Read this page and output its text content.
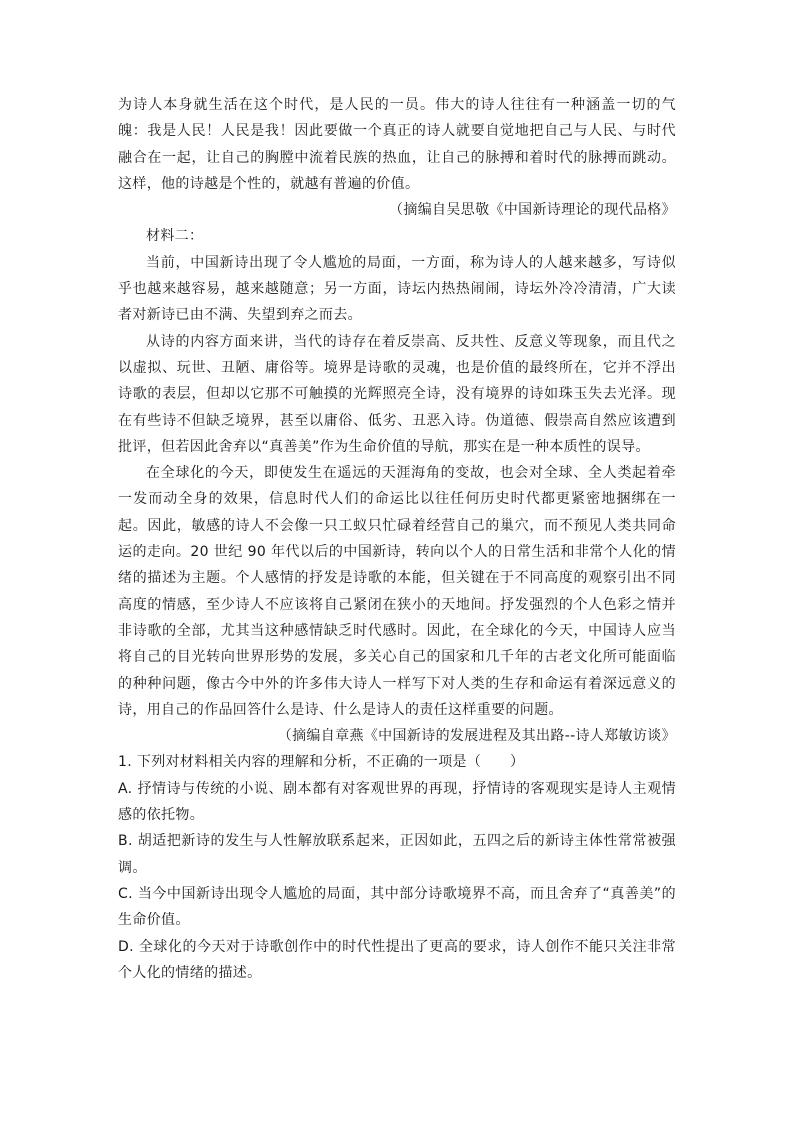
为诗人本身就生活在这个时代，是人民的一员。伟大的诗人往往有一种涵盖一切的气魄：我是人民！人民是我！因此要做一个真正的诗人就要自觉地把自己与人民、与时代融合在一起，让自己的胸膛中流着民族的热血，让自己的脉搏和着时代的脉搏而跳动。这样，他的诗越是个性的，就越有普遍的价值。

（摘编自吴思敬《中国新诗理论的现代品格》

材料二：

当前，中国新诗出现了令人尴尬的局面，一方面，称为诗人的人越来越多，写诗似乎也越来越容易，越来越随意；另一方面，诗坛内热热闹闹，诗坛外冷冷清清，广大读者对新诗已由不满、失望到弃之而去。

从诗的内容方面来讲，当代的诗存在着反崇高、反共性、反意义等现象，而且代之以虚拟、玩世、丑陋、庸俗等。境界是诗歌的灵魂，也是价值的最终所在，它并不浮出诗歌的表层，但却以它那不可触摸的光辉照亮全诗，没有境界的诗如珠玉失去光泽。现在有些诗不但缺乏境界，甚至以庸俗、低劣、丑恶入诗。伪道德、假崇高自然应该遭到批评，但若因此舍弃以“真善美”作为生命价值的导航，那实在是一种本质性的误导。

在全球化的今天，即使发生在遥远的天涯海角的变故，也会对全球、全人类起着牵一发而动全身的效果，信息时代人们的命运比以往任何历史时代都更紧密地捆绑在一起。因此，敏感的诗人不会像一只工蚁只忙碌着经营自己的巢穴，而不预见人类共同命运的走向。20 世纪 90 年代以后的中国新诗，转向以个人的日常生活和非常个人化的情绪的描述为主题。个人感情的抒发是诗歌的本能，但关键在于不同高度的观察引出不同高度的情感，至少诗人不应该将自己紧闭在狭小的天地间。抒发强烈的个人色彩之情并非诗歌的全部，尤其当这种感情缺乏时代感时。因此，在全球化的今天，中国诗人应当将自己的目光转向世界形势的发展，多关心自己的国家和几千年的古老文化所可能面临的种种问题，像古今中外的许多伟大诗人一样写下对人类的生存和命运有着深远意义的诗，用自己的作品回答什么是诗、什么是诗人的责任这样重要的问题。

（摘编自章燕《中国新诗的发展进程及其出路--诗人郑敏访谈》

1. 下列对材料相关内容的理解和分析，不正确的一项是（　　）

A. 抒情诗与传统的小说、剧本都有对客观世界的再现，抒情诗的客观现实是诗人主观情感的依托物。

B. 胡适把新诗的发生与人性解放联系起来，正因如此，五四之后的新诗主体性常常被强调。

C. 当今中国新诗出现令人尴尬的局面，其中部分诗歌境界不高，而且舍弃了“真善美”的生命价值。

D. 全球化的今天对于诗歌创作中的时代性提出了更高的要求，诗人创作不能只关注非常个人化的情绪的描述。
